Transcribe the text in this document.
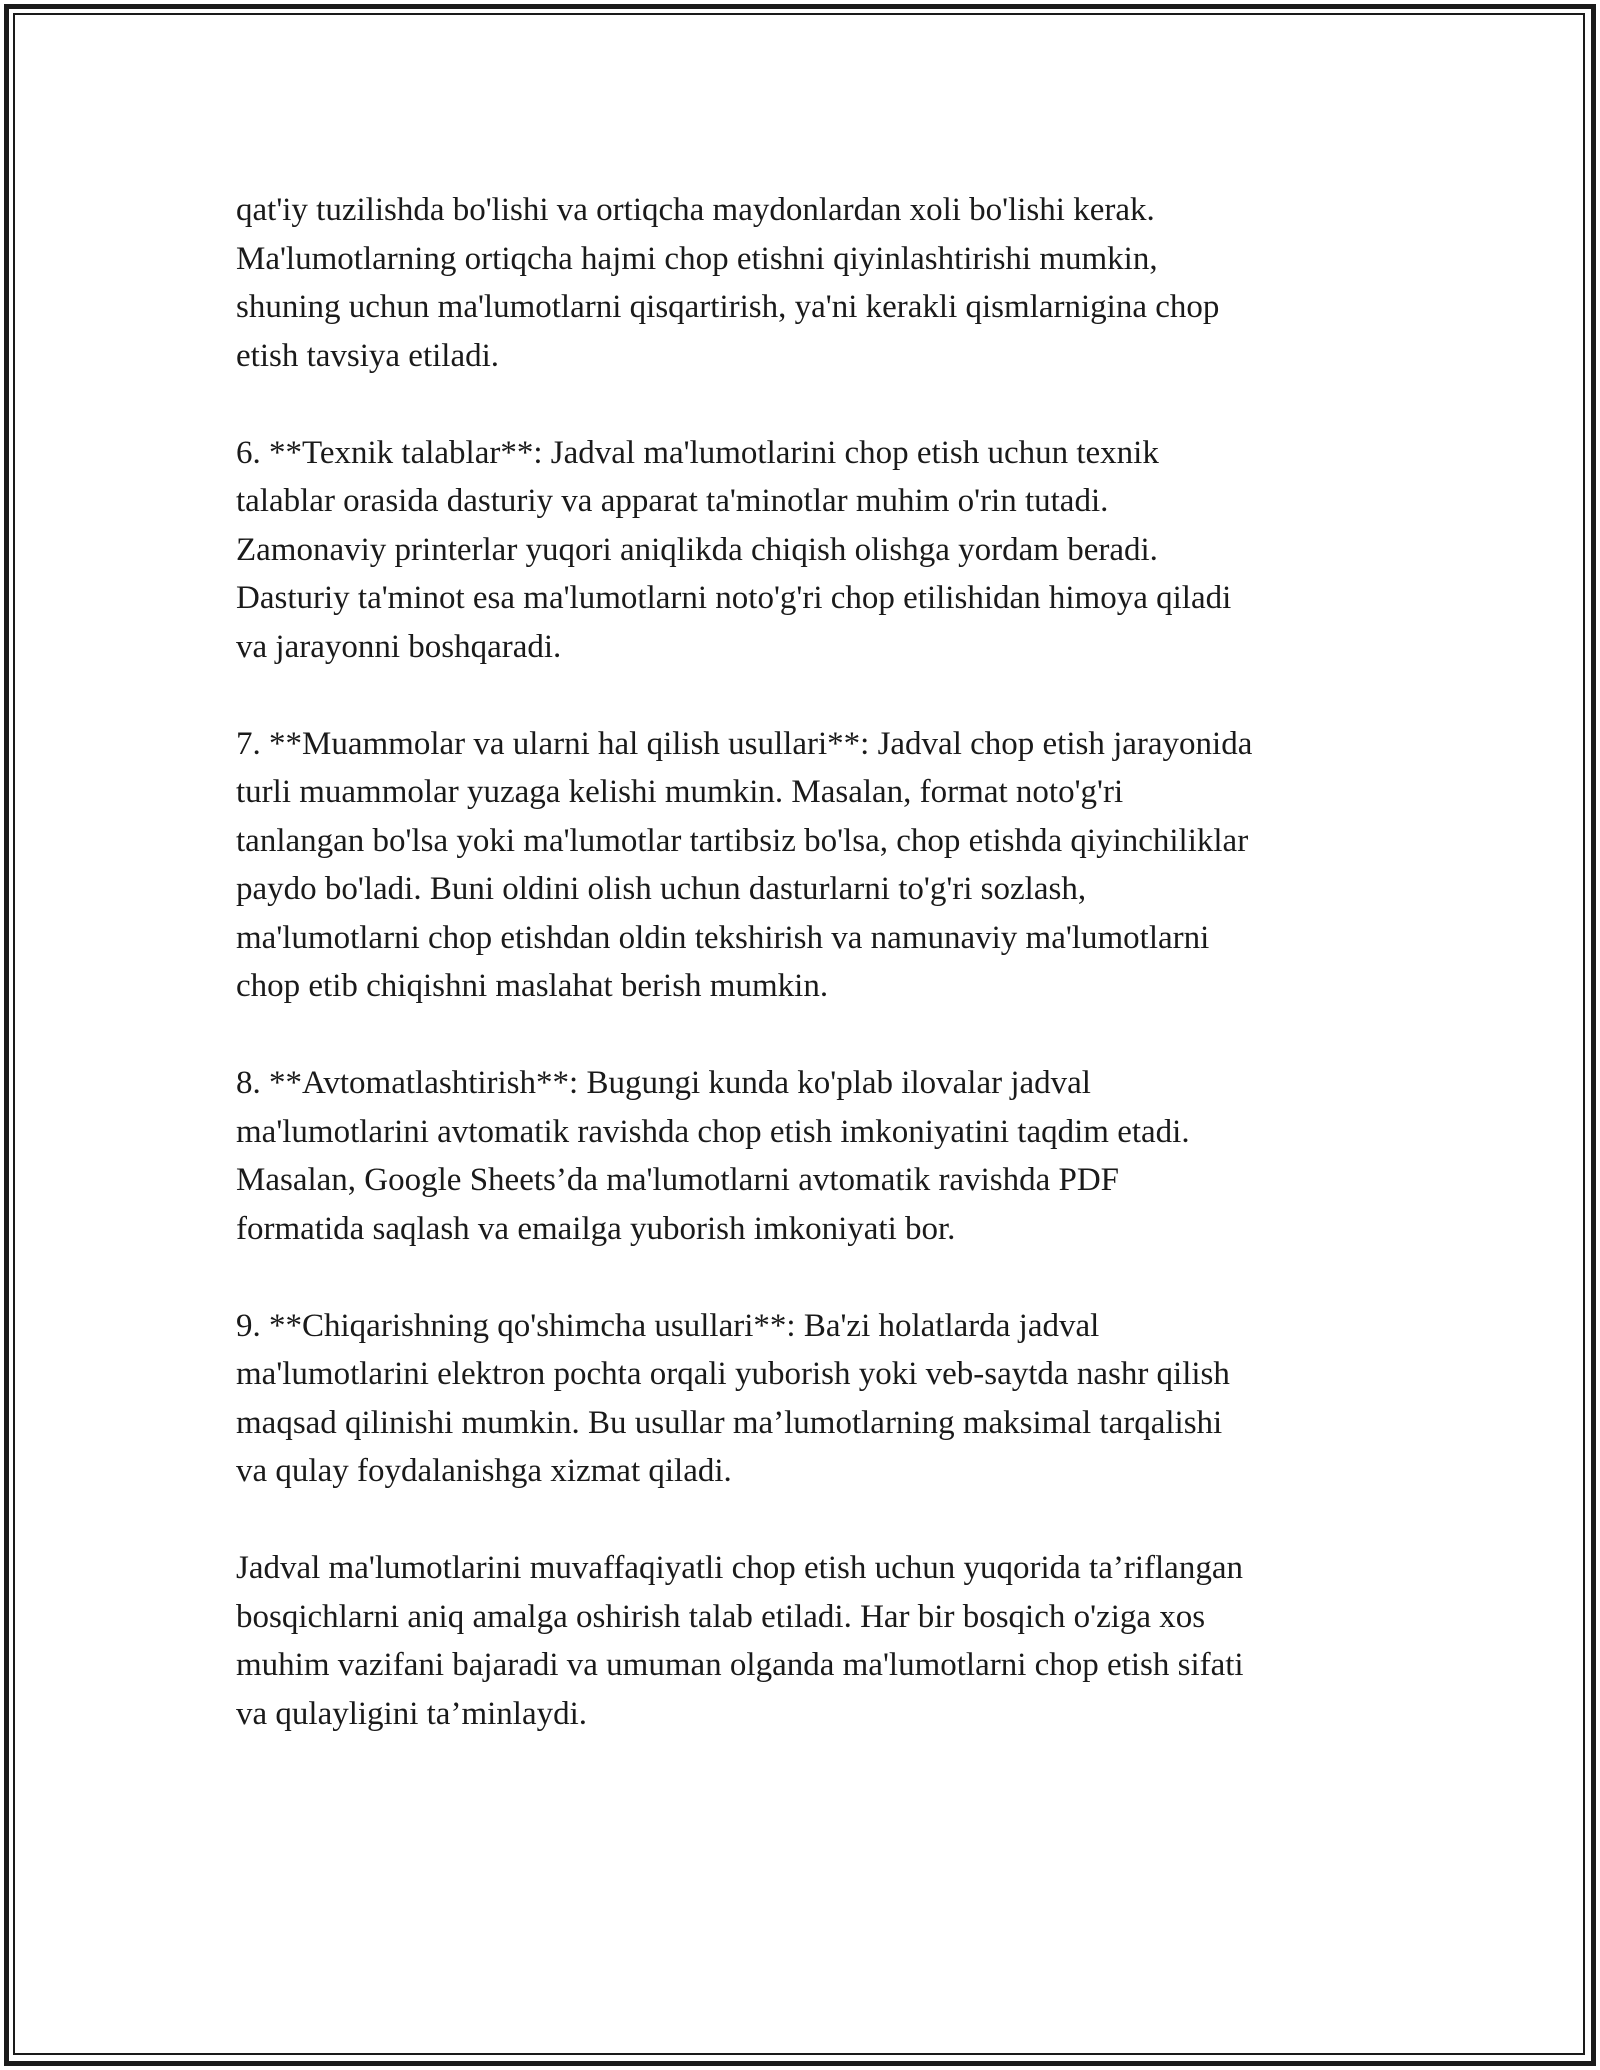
qat'iy tuzilishda bo'lishi va ortiqcha maydonlardan xoli bo'lishi kerak.
Ma'lumotlarning ortiqcha hajmi chop etishni qiyinlashtirishi mumkin,
shuning uchun ma'lumotlarni qisqartirish, ya'ni kerakli qismlarnigina chop
etish tavsiya etiladi.

6. **Texnik talablar**: Jadval ma'lumotlarini chop etish uchun texnik
talablar orasida dasturiy va apparat ta'minotlar muhim o'rin tutadi.
Zamonaviy printerlar yuqori aniqlikda chiqish olishga yordam beradi.
Dasturiy ta'minot esa ma'lumotlarni noto'g'ri chop etilishidan himoya qiladi
va jarayonni boshqaradi.

7. **Muammolar va ularni hal qilish usullari**: Jadval chop etish jarayonida
turli muammolar yuzaga kelishi mumkin. Masalan, format noto'g'ri
tanlangan bo'lsa yoki ma'lumotlar tartibsiz bo'lsa, chop etishda qiyinchiliklar
paydo bo'ladi. Buni oldini olish uchun dasturlarni to'g'ri sozlash,
ma'lumotlarni chop etishdan oldin tekshirish va namunaviy ma'lumotlarni
chop etib chiqishni maslahat berish mumkin.

8. **Avtomatlashtirish**: Bugungi kunda ko'plab ilovalar jadval
ma'lumotlarini avtomatik ravishda chop etish imkoniyatini taqdim etadi.
Masalan, Google Sheets’da ma'lumotlarni avtomatik ravishda PDF
formatida saqlash va emailga yuborish imkoniyati bor.

9. **Chiqarishning qo'shimcha usullari**: Ba'zi holatlarda jadval
ma'lumotlarini elektron pochta orqali yuborish yoki veb-saytda nashr qilish
maqsad qilinishi mumkin. Bu usullar ma’lumotlarning maksimal tarqalishi
va qulay foydalanishga xizmat qiladi.

Jadval ma'lumotlarini muvaffaqiyatli chop etish uchun yuqorida ta’riflangan
bosqichlarni aniq amalga oshirish talab etiladi. Har bir bosqich o'ziga xos
muhim vazifani bajaradi va umuman olganda ma'lumotlarni chop etish sifati
va qulayligini ta’minlaydi.
